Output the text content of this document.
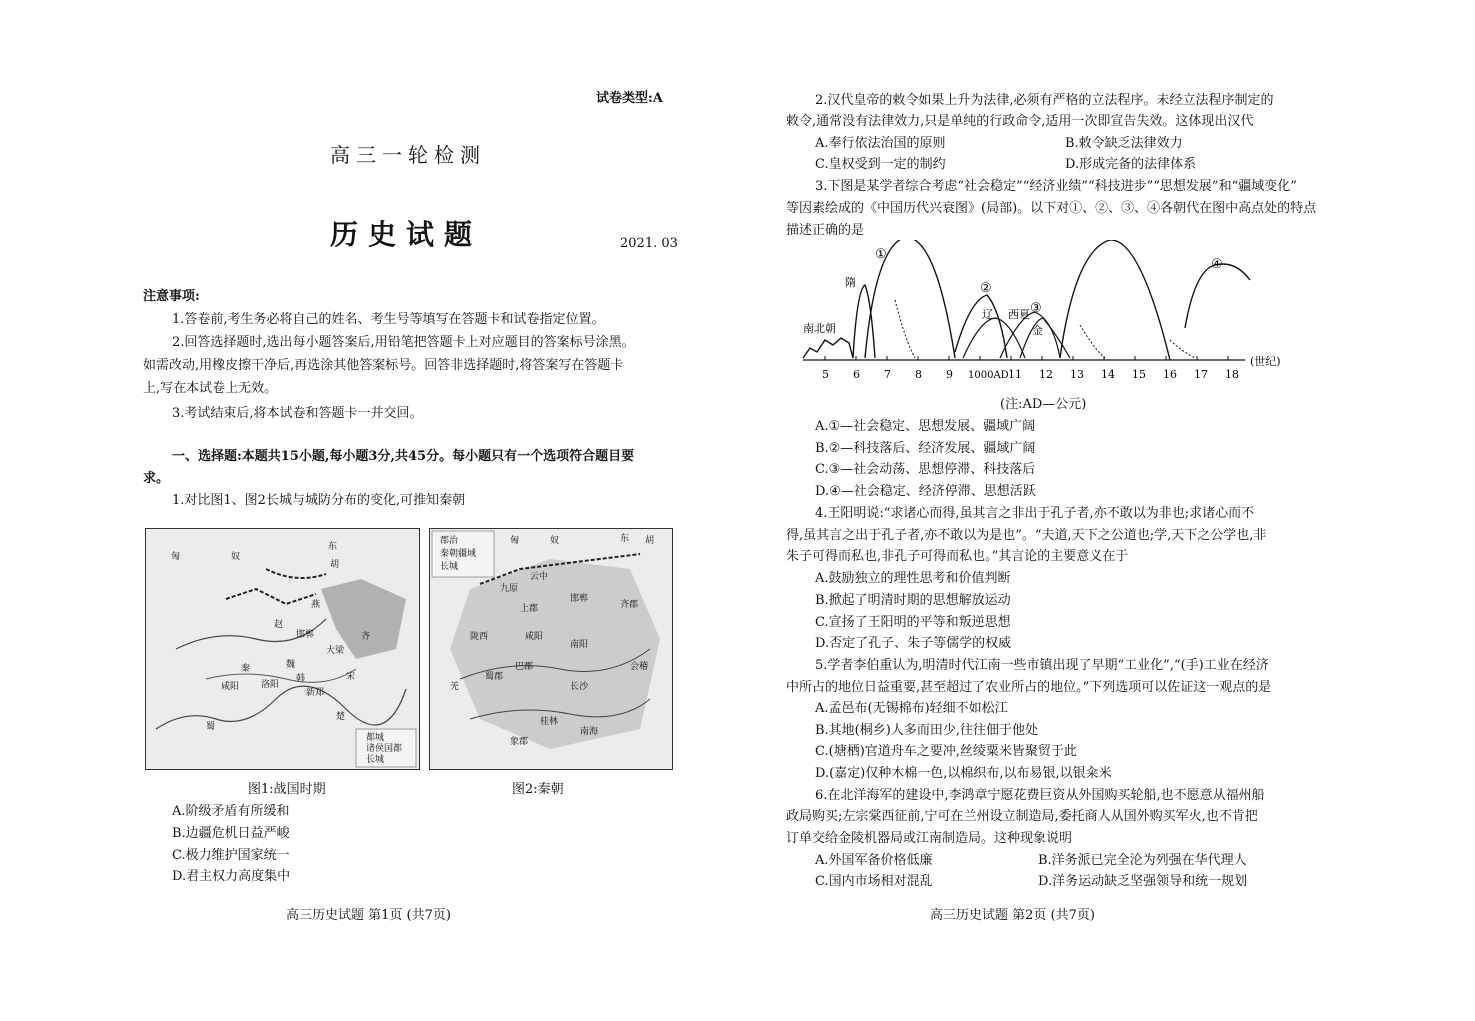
试卷类型:A
高三一轮检测
历史试题	2021. 03
注意事项:
1.答卷前,考生务必将自己的姓名、考生号等填写在答题卡和试卷指定位置。
2.回答选择题时,选出每小题答案后,用铅笔把答题卡上对应题目的答案标号涂黑。
如需改动,用橡皮擦干净后,再选涂其他答案标号。回答非选择题时,将答案写在答题卡
上,写在本试卷上无效。
3.考试结束后,将本试卷和答题卡一并交回。
一、选择题:本题共15小题,每小题3分,共45分。每小题只有一个选项符合题目要
求。
1.对比图1、图2长城与城防分布的变化,可推知秦朝
东
胡
匈	奴
燕
赵
邯郸
大梁
秦	魏
韩
咸阳 洛阳
楚
齐
宋
蜀
新郑
都城
诸侯国都
长城
郡治
秦朝疆域
长城
匈	奴	东 胡
云中
九原
上郡
邯郸
齐郡
咸阳
南阳
会稽
长沙
南海
桂林
象郡
巴郡
蜀郡
陇西
羌
图1:战国时期	图2:秦朝
A.阶级矛盾有所缓和
B.边疆危机日益严峻
C.极力维护国家统一
D.君主权力高度集中
高三历史试题 第1页 (共7页)
2.汉代皇帝的敕令如果上升为法律,必须有严格的立法程序。未经立法程序制定的
敕令,通常没有法律效力,只是单纯的行政命令,适用一次即宣告失效。这体现出汉代
A.奉行依法治国的原则	B.敕令缺乏法律效力
C.皇权受到一定的制约	D.形成完备的法律体系
3.下图是某学者综合考虑“社会稳定”“经济业绩”“科技进步”“思想发展”和“疆域变化”
等因素绘成的《中国历代兴衰图》(局部)。以下对①、②、③、④各朝代在图中高点处的特点
描述正确的是
南北朝
隋
①
②
辽 西夏 ③
金
④
(世纪)
5 6 7 8 9 1000AD 11 12 13 14 15 16 17 18
(注:AD—公元)
A.①—社会稳定、思想发展、疆域广阔
B.②—科技落后、经济发展、疆域广阔
C.③—社会动荡、思想停滞、科技落后
D.④—社会稳定、经济停滞、思想活跃
4.王阳明说:“求诸心而得,虽其言之非出于孔子者,亦不敢以为非也;求诸心而不
得,虽其言之出于孔子者,亦不敢以为是也”。“夫道,天下之公道也;学,天下之公学也,非
朱子可得而私也,非孔子可得而私也。”其言论的主要意义在于
A.鼓励独立的理性思考和价值判断
B.掀起了明清时期的思想解放运动
C.宣扬了王阳明的平等和叛逆思想
D.否定了孔子、朱子等儒学的权威
5.学者李伯重认为,明清时代江南一些市镇出现了早期“工业化”,“(手)工业在经济
中所占的地位日益重要,甚至超过了农业所占的地位。”下列选项可以佐证这一观点的是
A.孟邑布(无锡棉布)轻细不如松江
B.其地(桐乡)人多而田少,往往佃于他处
C.(塘栖)官道舟车之要冲,丝绫粟米皆聚贸于此
D.(嘉定)仅种木棉一色,以棉织布,以布易银,以银籴米
6.在北洋海军的建设中,李鸿章宁愿花费巨资从外国购买轮船,也不愿意从福州船
政局购买;左宗棠西征前,宁可在兰州设立制造局,委托商人从国外购买军火,也不肯把
订单交给金陵机器局或江南制造局。这种现象说明
A.外国军备价格低廉	B.洋务派已完全沦为列强在华代理人
C.国内市场相对混乱	D.洋务运动缺乏坚强领导和统一规划
高三历史试题 第2页 (共7页)
